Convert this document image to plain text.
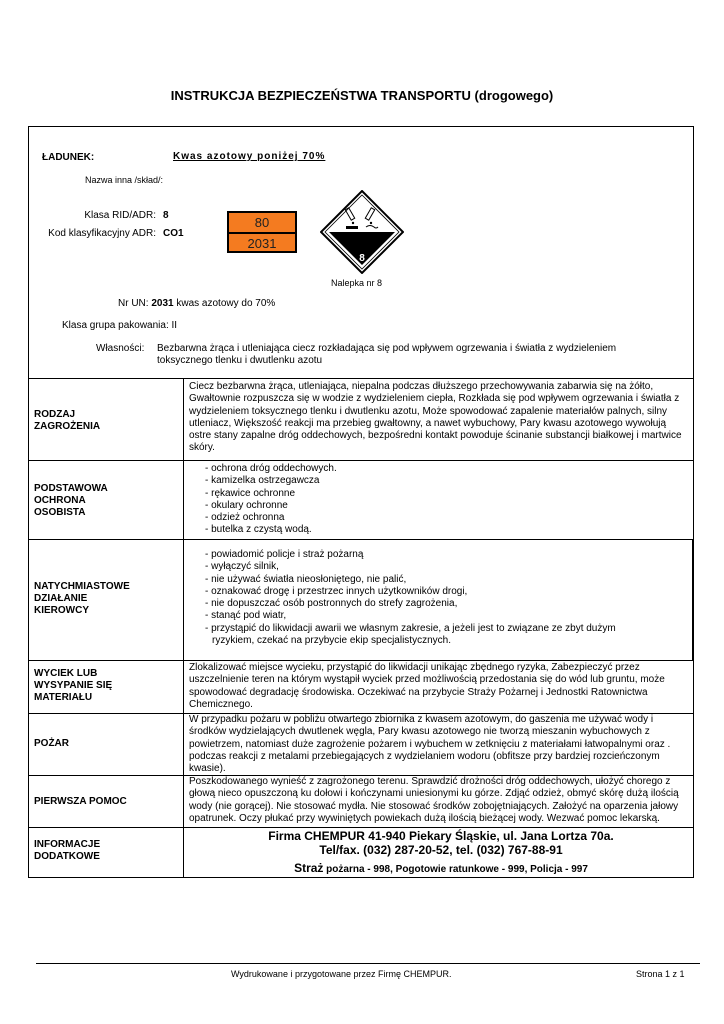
INSTRUKCJA BEZPIECZEŃSTWA TRANSPORTU (drogowego)
ŁADUNEK:	Kwas azotowy poniżej 70%
Nazwa inna /skład/:
Klasa RID/ADR: 8
Kod klasyfikacyjny ADR: CO1
80
2031
8
Nalepka nr 8
Nr UN: 2031 kwas azotowy do 70%
Klasa grupa pakowania: II
Własności: Bezbarwna żrąca i utleniająca ciecz rozkładająca się pod wpływem ogrzewania i światła z wydzieleniem
toksycznego tlenku i dwutlenku azotu
RODZAJ
ZAGROŻENIA
Ciecz bezbarwna żrąca, utleniająca, niepalna podczas dłuższego przechowywania zabarwia się na żółto, Gwałtownie rozpuszcza się w wodzie z wydzieleniem ciepła, Rozkłada się pod wpływem ogrzewania i światła z wydzieleniem toksycznego tlenku i dwutlenku azotu, Może spowodować zapalenie materiałów palnych, silny utleniacz, Większość reakcji ma przebieg gwałtowny, a nawet wybuchowy, Pary kwasu azotowego wywołują ostre stany zapalne dróg oddechowych, bezpośredni kontakt powoduje ścinanie substancji białkowej i martwice skóry.
PODSTAWOWA
OCHRONA
OSOBISTA
- ochrona dróg oddechowych.
- kamizelka ostrzegawcza
- rękawice ochronne
- okulary ochronne
- odzież ochronna
- butelka z czystą wodą.
NATYCHMIASTOWE
DZIAŁANIE
KIEROWCY
- powiadomić policje i straż pożarną
- wyłączyć silnik,
- nie używać światła nieosłoniętego, nie palić,
- oznakować drogę i przestrzec innych użytkowników drogi,
- nie dopuszczać osób postronnych do strefy zagrożenia,
- stanąć pod wiatr,
- przystąpić do likwidacji awarii we własnym zakresie, a jeżeli jest to związane ze zbyt dużym ryzykiem, czekać na przybycie ekip specjalistycznych.
WYCIEK LUB
WYSYPANIE SIĘ
MATERIAŁU
Zlokalizować miejsce wycieku, przystąpić do likwidacji unikając zbędnego ryzyka, Zabezpieczyć przez uszczelnienie teren na którym wystąpił wyciek przed możliwością przedostania się do wód lub gruntu, może spowodować degradację środowiska. Oczekiwać na przybycie Straży Pożarnej i Jednostki Ratownictwa Chemicznego.
POŻAR
W przypadku pożaru w pobliżu otwartego zbiornika z kwasem azotowym, do gaszenia me używać wody i środków wydzielających dwutlenek węgla, Pary kwasu azotowego nie tworzą mieszanin wybuchowych z powietrzem, natomiast duże zagrożenie pożarem i wybuchem w zetknięciu z materiałami łatwopalnymi oraz . podczas reakcji z metalami przebiegających z wydzielaniem wodoru (obfitsze przy bardziej rozcieńczonym kwasie).
PIERWSZA POMOC
Poszkodowanego wynieść z zagrożonego terenu. Sprawdzić drożności dróg oddechowych, ułożyć chorego z głową nieco opuszczoną ku dołowi i kończynami uniesionymi ku górze. Zdjąć odzież, obmyć skórę dużą ilością wody (nie gorącej). Nie stosować mydła. Nie stosować środków zobojętniających. Założyć na oparzenia jałowy opatrunek. Oczy płukać przy wywiniętych powiekach dużą ilością bieżącej wody. Wezwać pomoc lekarską.
INFORMACJE
DODATKOWE
Firma CHEMPUR 41-940 Piekary Śląskie, ul. Jana Lortza 70a.
Tel/fax. (032) 287-20-52, tel. (032) 767-88-91
Straż pożarna - 998, Pogotowie ratunkowe - 999, Policja - 997
Wydrukowane i przygotowane przez Firmę CHEMPUR.	Strona 1 z 1
